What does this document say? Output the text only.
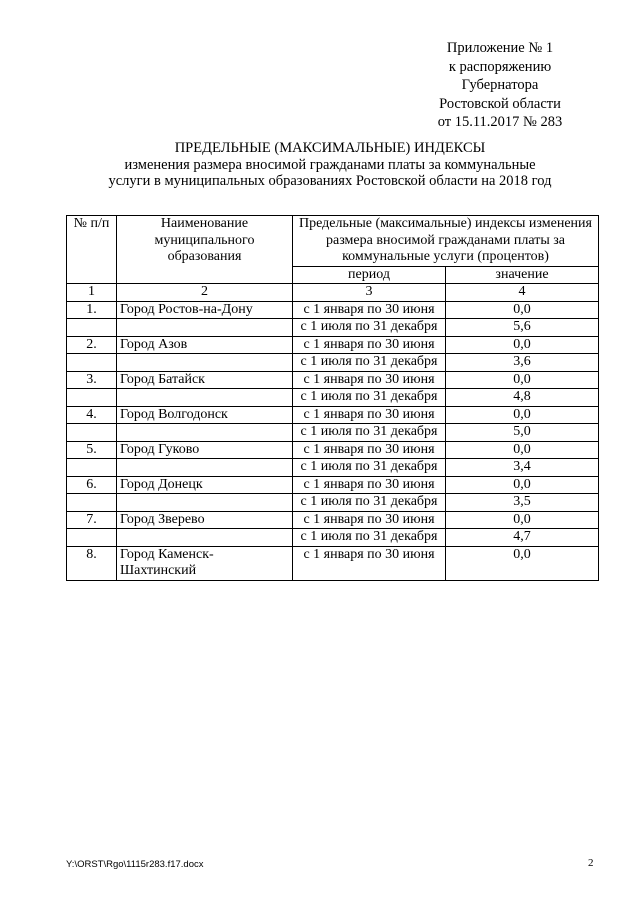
Приложение № 1
к распоряжению
Губернатора
Ростовской области
от 15.11.2017 № 283
ПРЕДЕЛЬНЫЕ (МАКСИМАЛЬНЫЕ) ИНДЕКСЫ
изменения размера вносимой гражданами платы за коммунальные
услуги в муниципальных образованиях Ростовской области на 2018 год
№ п/п	Наименование муниципального образования	Предельные (максимальные) индексы изменения размера вносимой гражданами платы за коммунальные услуги (процентов)	
		период	значение
1	2	3	4
1.	Город Ростов-на-Дону	с 1 января по 30 июня	0,0
		с 1 июля по 31 декабря	5,6
2.	Город Азов	с 1 января по 30 июня	0,0
		с 1 июля по 31 декабря	3,6
3.	Город Батайск	с 1 января по 30 июня	0,0
		с 1 июля по 31 декабря	4,8
4.	Город Волгодонск	с 1 января по 30 июня	0,0
		с 1 июля по 31 декабря	5,0
5.	Город Гуково	с 1 января по 30 июня	0,0
		с 1 июля по 31 декабря	3,4
6.	Город Донецк	с 1 января по 30 июня	0,0
		с 1 июля по 31 декабря	3,5
7.	Город Зверево	с 1 января по 30 июня	0,0
		с 1 июля по 31 декабря	4,7
8.	Город Каменск-Шахтинский	с 1 января по 30 июня	0,0
Y:\ORST\Rgo\1115r283.f17.docx	2
